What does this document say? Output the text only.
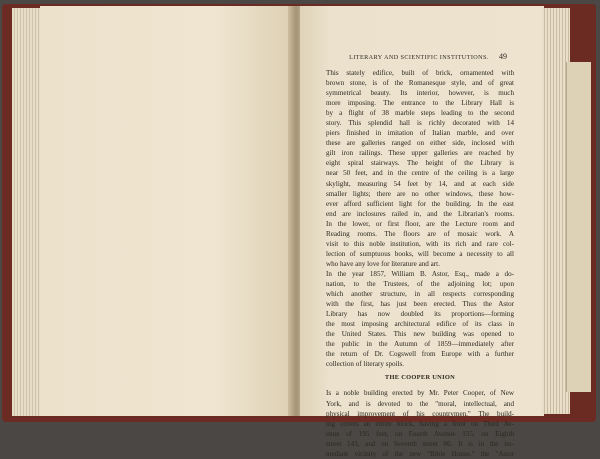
LITERARY AND SCIENTIFIC INSTITUTIONS.	49
This stately edifice, built of brick, ornamented with
brown stone, is of the Romanesque style, and of great
symmetrical beauty. Its interior, however, is much
more imposing. The entrance to the Library Hall is
by a flight of 38 marble steps leading to the second
story. This splendid hall is richly decorated with 14
piers finished in imitation of Italian marble, and over
these are galleries ranged on either side, inclosed with
gilt iron railings. These upper galleries are reached by
eight spiral stairways. The height of the Library is
near 50 feet, and in the centre of the ceiling is a large
skylight, measuring 54 feet by 14, and at each side
smaller lights; there are no other windows, these how-
ever afford sufficient light for the building. In the east
end are inclosures railed in, and the Librarian's rooms.
In the lower, or first floor, are the Lecture room and
Reading rooms. The floors are of mosaic work. A
visit to this noble institution, with its rich and rare col-
lection of sumptuous books, will become a necessity to all
who have any love for literature and art.
In the year 1857, William B. Astor, Esq., made a do-
nation, to the Trustees, of the adjoining lot; upon
which another structure, in all respects corresponding
with the first, has just been erected. Thus the Astor
Library has now doubled its proportions—forming
the most imposing architectural edifice of its class in
the United States. This new building was opened to
the public in the Autumn of 1859—immediately after
the return of Dr. Cogswell from Europe with a further
collection of literary spoils.
THE COOPER UNION
Is a noble building erected by Mr. Peter Cooper, of New
York, and is devoted to the "moral, intellectual, and
physical improvement of his countrymen." The build-
ing covers an entire block, having a front on Third Av-
enue of 195 feet, on Fourth Avenue 155, on Eighth
street 143, and on Seventh street 86. It is in the im-
mediate vicinity of the new "Bible House," the "Astor
